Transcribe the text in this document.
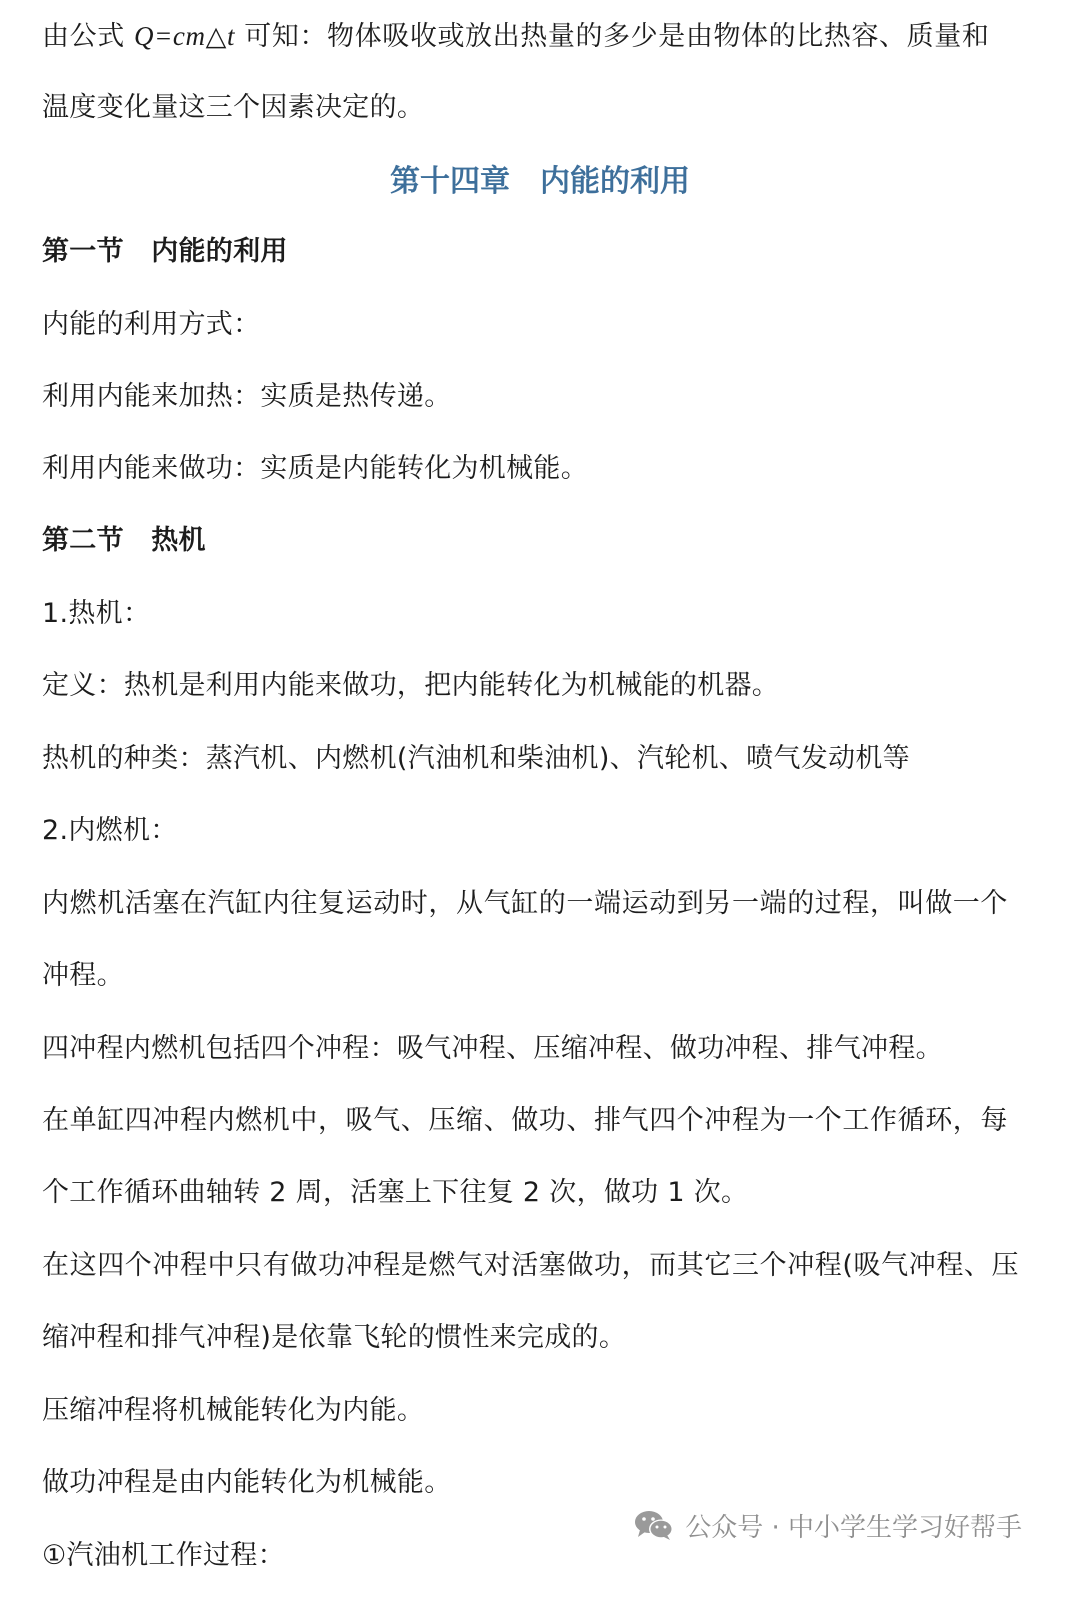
由公式 Q=cm△t 可知：物体吸收或放出热量的多少是由物体的比热容、质量和
温度变化量这三个因素决定的。
第十四章　内能的利用
第一节　内能的利用
内能的利用方式：
利用内能来加热：实质是热传递。
利用内能来做功：实质是内能转化为机械能。
第二节　热机
1.热机：
定义：热机是利用内能来做功，把内能转化为机械能的机器。
热机的种类：蒸汽机、内燃机(汽油机和柴油机)、汽轮机、喷气发动机等
2.内燃机：
内燃机活塞在汽缸内往复运动时，从气缸的一端运动到另一端的过程，叫做一个
冲程。
四冲程内燃机包括四个冲程：吸气冲程、压缩冲程、做功冲程、排气冲程。
在单缸四冲程内燃机中，吸气、压缩、做功、排气四个冲程为一个工作循环，每
个工作循环曲轴转 2 周，活塞上下往复 2 次，做功 1 次。
在这四个冲程中只有做功冲程是燃气对活塞做功，而其它三个冲程(吸气冲程、压
缩冲程和排气冲程)是依靠飞轮的惯性来完成的。
压缩冲程将机械能转化为内能。
做功冲程是由内能转化为机械能。
①汽油机工作过程：
公众号 · 中小学生学习好帮手
